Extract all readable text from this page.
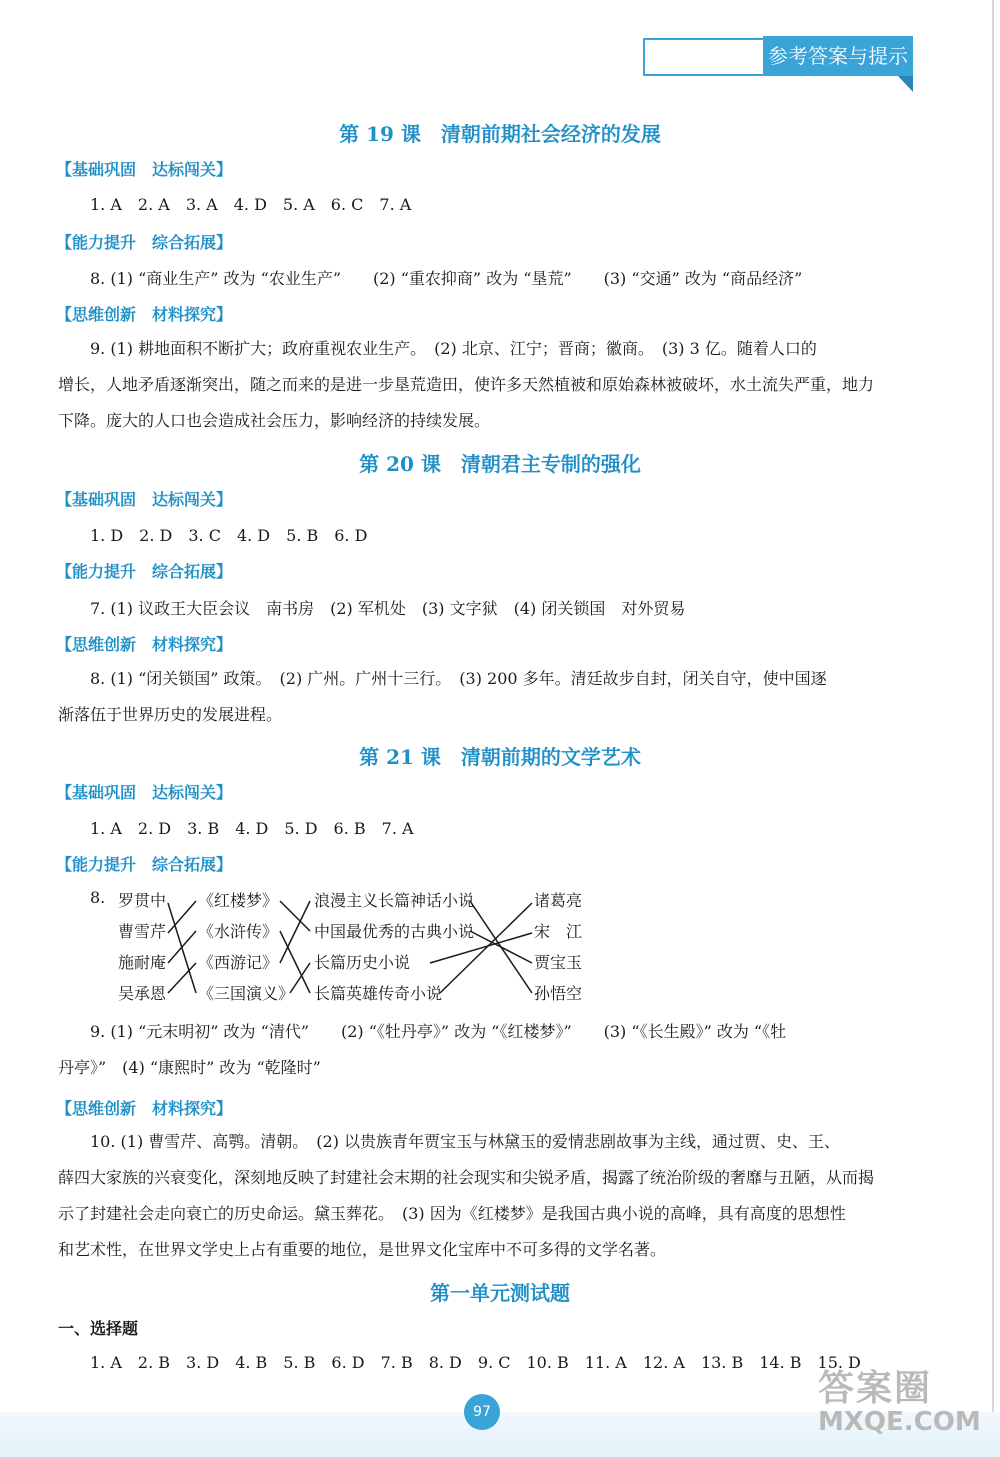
参考答案与提示
第 19 课　清朝前期社会经济的发展
【基础巩固　达标闯关】
1. A　2. A　3. A　4. D　5. A　6. C　7. A
【能力提升　综合拓展】
8. (1) “商业生产” 改为 “农业生产”　　(2) “重农抑商” 改为 “垦荒”　　(3) “交通” 改为 “商品经济”
【思维创新　材料探究】
9. (1) 耕地面积不断扩大；政府重视农业生产。　(2) 北京、江宁；晋商；徽商。　(3) 3 亿。随着人口的
增长，人地矛盾逐渐突出，随之而来的是进一步垦荒造田，使许多天然植被和原始森林被破坏，水土流失严重，地力
下降。庞大的人口也会造成社会压力，影响经济的持续发展。
第 20 课　清朝君主专制的强化
【基础巩固　达标闯关】
1. D　2. D　3. C　4. D　5. B　6. D
【能力提升　综合拓展】
7. (1) 议政王大臣会议　南书房　(2) 军机处　(3) 文字狱　(4) 闭关锁国　对外贸易
【思维创新　材料探究】
8. (1) “闭关锁国” 政策。　(2) 广州。广州十三行。　(3) 200 多年。清廷故步自封，闭关自守，使中国逐
渐落伍于世界历史的发展进程。
第 21 课　清朝前期的文学艺术
【基础巩固　达标闯关】
1. A　2. D　3. B　4. D　5. D　6. B　7. A
【能力提升　综合拓展】
8. 罗贯中
曹雪芹
施耐庵
吴承恩
《红楼梦》
《水浒传》
《西游记》
《三国演义》
浪漫主义长篇神话小说
中国最优秀的古典小说
长篇历史小说
长篇英雄传奇小说
诸葛亮
宋　江
贾宝玉
孙悟空
9. (1) “元末明初” 改为 “清代”　　(2) “《牡丹亭》” 改为 “《红楼梦》”　　(3) “《长生殿》” 改为 “《牡
丹亭》”　(4) “康熙时” 改为 “乾隆时”
【思维创新　材料探究】
10. (1) 曹雪芹、高鹗。清朝。　(2) 以贵族青年贾宝玉与林黛玉的爱情悲剧故事为主线，通过贾、史、王、
薛四大家族的兴衰变化，深刻地反映了封建社会末期的社会现实和尖锐矛盾，揭露了统治阶级的奢靡与丑陋，从而揭
示了封建社会走向衰亡的历史命运。黛玉葬花。　(3) 因为《红楼梦》是我国古典小说的高峰，具有高度的思想性
和艺术性，在世界文学史上占有重要的地位，是世界文化宝库中不可多得的文学名著。
第一单元测试题
一、选择题
1. A　2. B　3. D　4. B　5. B　6. D　7. B　8. D　9. C　10. B　11. A　12. A　13. B　14. B　15. D
97
答案圈
MXQE.COM
